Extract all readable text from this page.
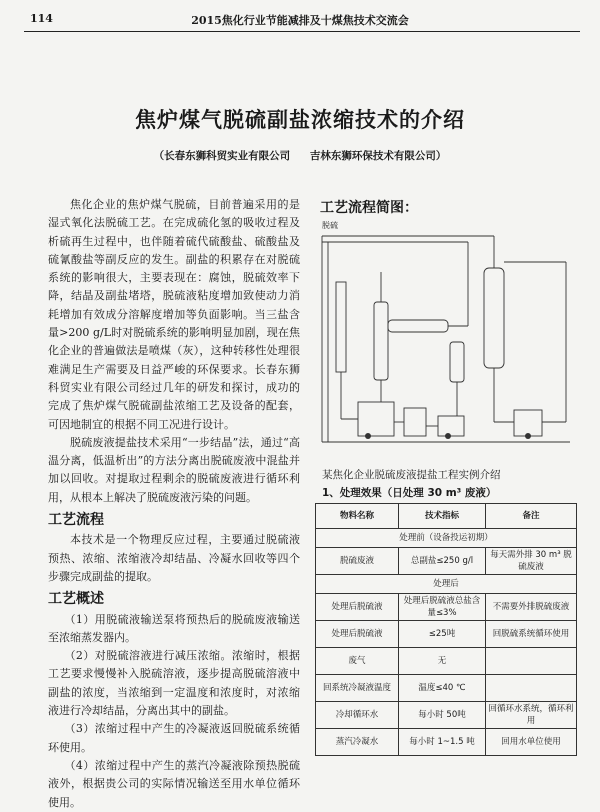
114	2015焦化行业节能减排及十煤焦技术交流会
焦炉煤气脱硫副盐浓缩技术的介绍
（长春东狮科贸实业有限公司 吉林东狮环保技术有限公司）

焦化企业的焦炉煤气脱硫，目前普遍采用的是湿式氧化法脱硫工艺。在完成硫化氢的吸收过程及析硫再生过程中，也伴随着硫代硫酸盐、硫酸盐及硫氰酸盐等副反应的发生。副盐的积累存在对脱硫系统的影响很大，主要表现在：腐蚀，脱硫效率下降，结晶及副盐堵塔，脱硫液粘度增加致使动力消耗增加有效成分溶解度增加等负面影响。当三盐含量>200 g/L时对脱硫系统的影响明显加剧，现在焦化企业的普遍做法是喷煤（灰），这种转移性处理很难满足生产需要及日益严峻的环保要求。长春东狮科贸实业有限公司经过几年的研发和探讨，成功的完成了焦炉煤气脱硫副盐浓缩工艺及设备的配套，可因地制宜的根据不同工况进行设计。

脱硫废液提盐技术采用“一步结晶”法，通过“高温分离，低温析出”的方法分离出脱硫废液中混盐并加以回收。对提取过程剩余的脱硫废液进行循环利用，从根本上解决了脱硫废液污染的问题。

工艺流程

本技术是一个物理反应过程，主要通过脱硫液预热、浓缩、浓缩液冷却结晶、冷凝水回收等四个步骤完成副盐的提取。

工艺概述

（1）用脱硫液输送泵将预热后的脱硫废液输送至浓缩蒸发器内。

（2）对脱硫溶液进行减压浓缩。浓缩时，根据工艺要求慢慢补入脱硫溶液，逐步提高脱硫溶液中副盐的浓度，当浓缩到一定温度和浓度时，对浓缩液进行冷却结晶，分离出其中的副盐。

（3）浓缩过程中产生的冷凝液返回脱硫系统循环使用。

（4）浓缩过程中产生的蒸汽冷凝液除预热脱硫液外，根据贵公司的实际情况输送至用水单位循环使用。

工艺流程简图：
脱硫
某焦化企业脱硫废液提盐工程实例介绍
1、处理效果（日处理 30 m³ 废液）
物料名称	技术指标	备注
处理前（设备投运初期）		
脱硫废液	总副盐≤250 g/l	每天需外排 30 m³ 脱硫废液
处理后		
处理后脱硫液	处理后脱硫液总盐含量≤3%	不需要外排脱硫废液
处理后脱硫液	≤25吨	回脱硫系统循环使用
废气	无	
回系统冷凝液温度	温度≤40 ℃	
冷却循环水	每小时 50吨	回循环水系统，循环利用
蒸汽冷凝水	每小时 1~1.5 吨	回用水单位使用
